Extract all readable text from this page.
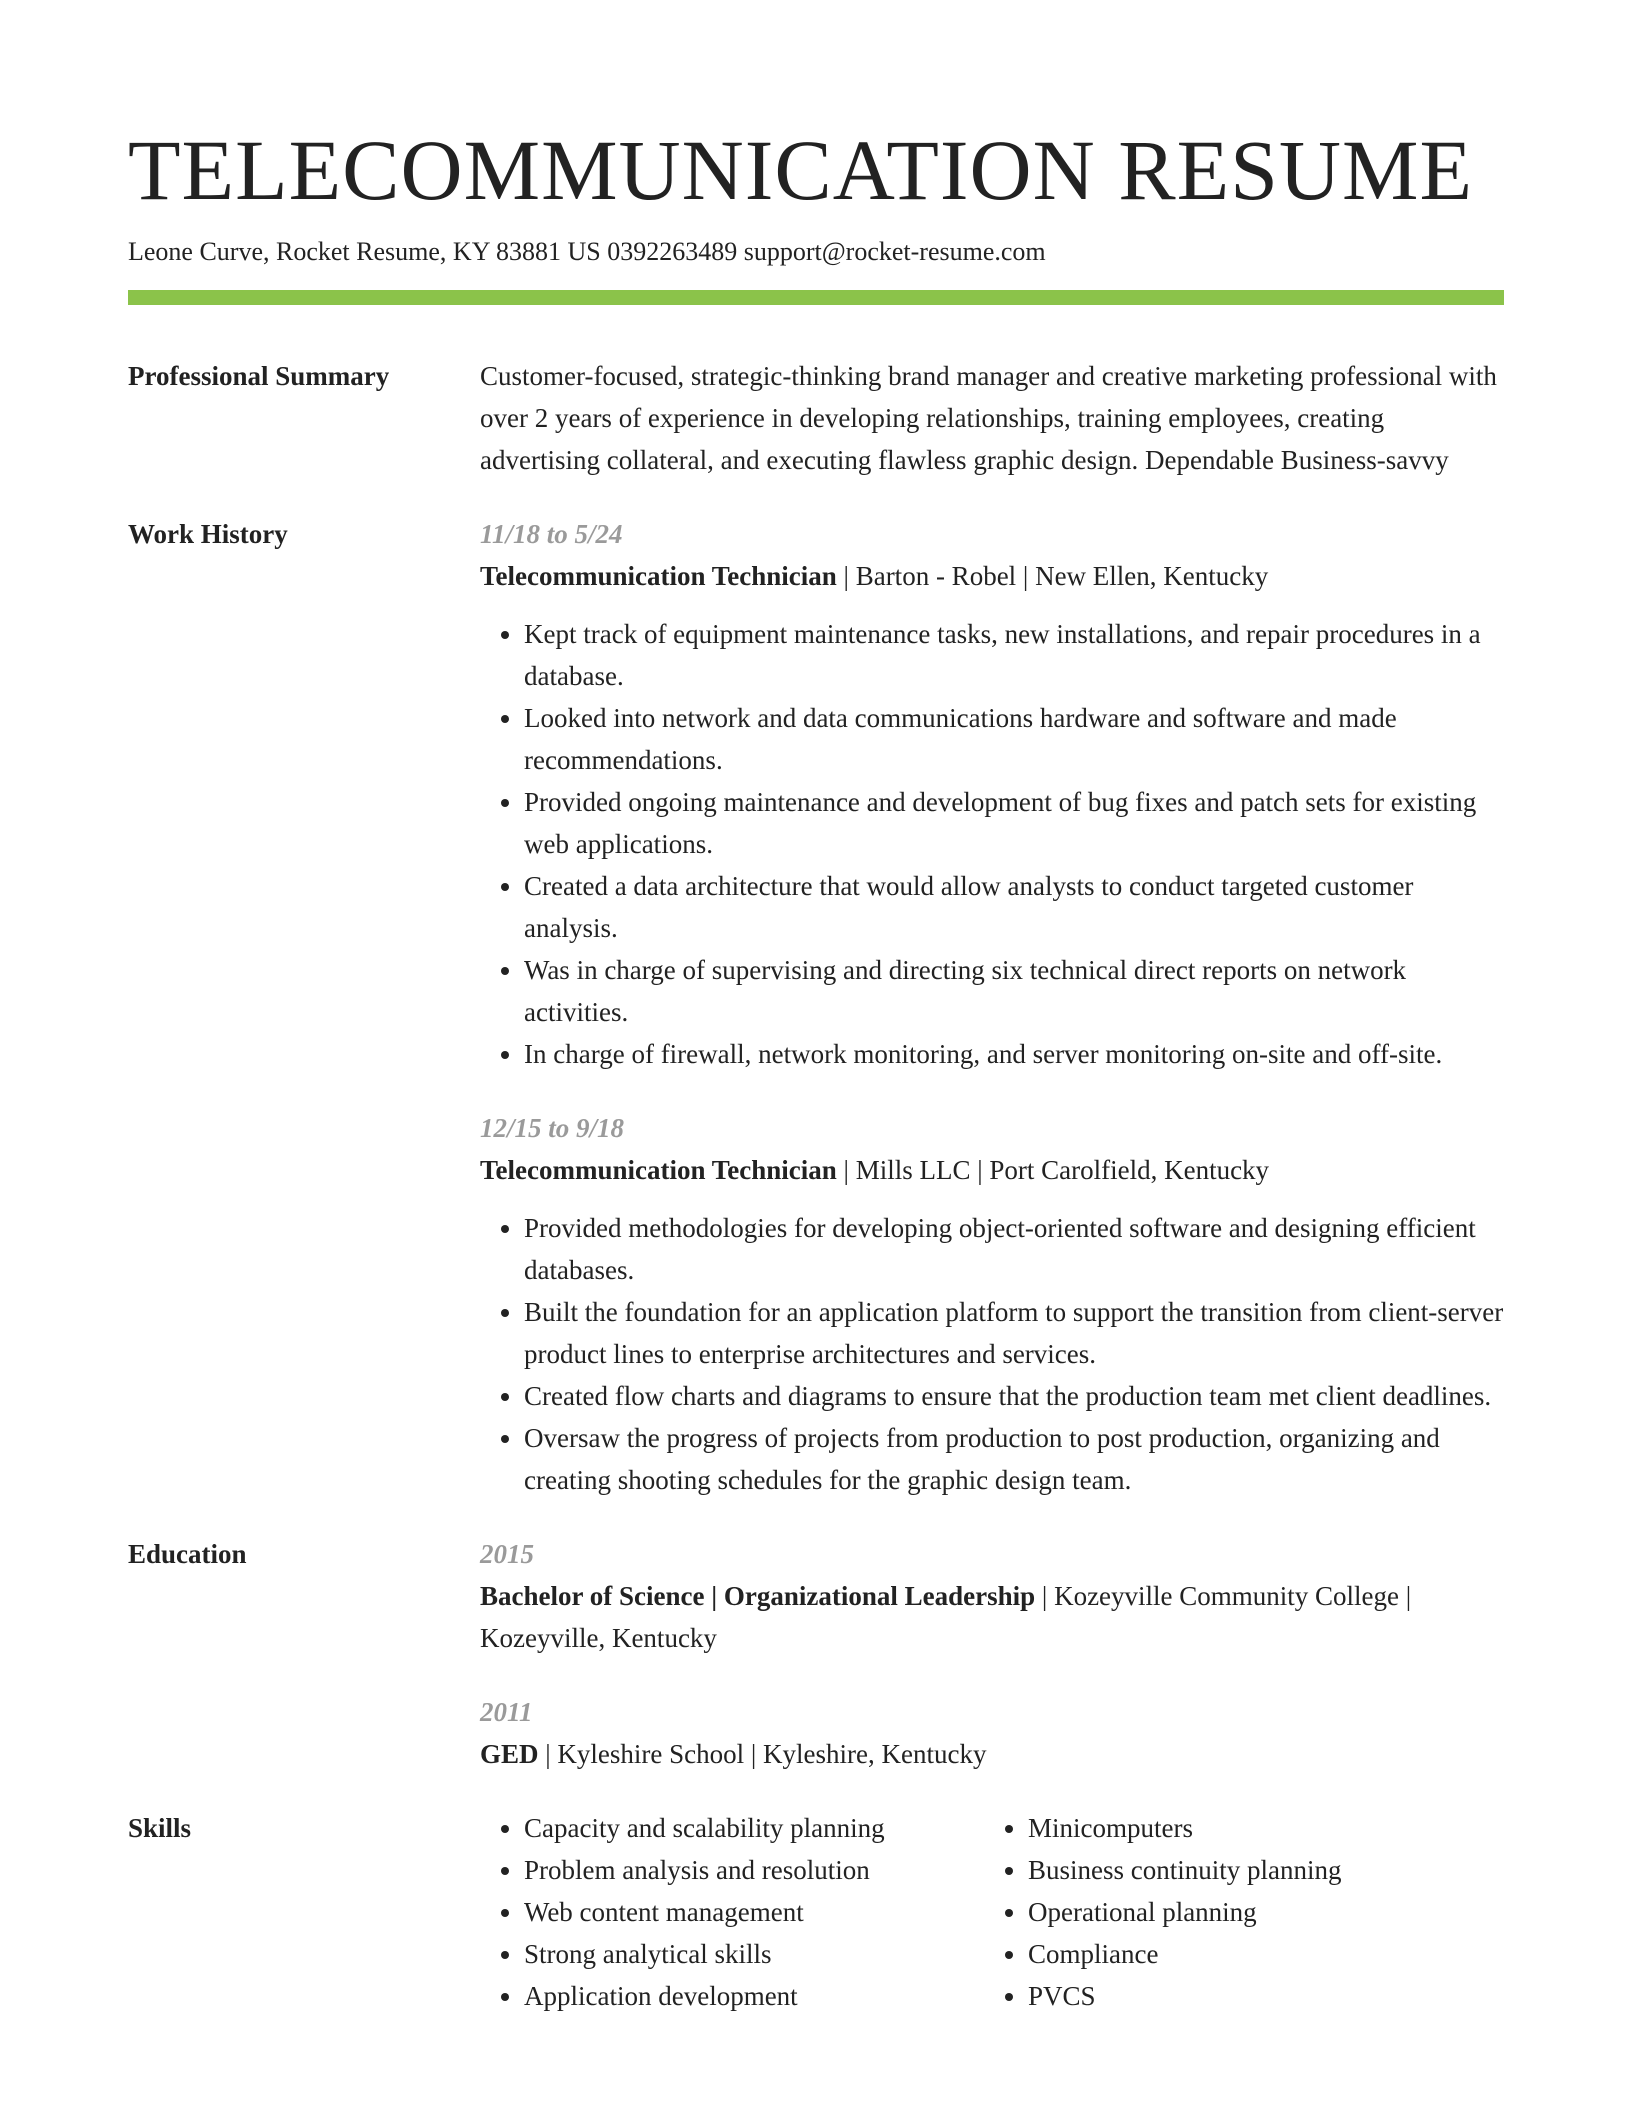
TELECOMMUNICATION RESUME
Leone Curve, Rocket Resume, KY 83881 US 0392263489 support@rocket-resume.com
Professional Summary	Customer-focused, strategic-thinking brand manager and creative marketing professional with over 2 years of experience in developing relationships, training employees, creating advertising collateral, and executing flawless graphic design. Dependable Business-savvy
Work History	11/18 to 5/24
Telecommunication Technician | Barton - Robel | New Ellen, Kentucky
• Kept track of equipment maintenance tasks, new installations, and repair procedures in a database.
• Looked into network and data communications hardware and software and made recommendations.
• Provided ongoing maintenance and development of bug fixes and patch sets for existing web applications.
• Created a data architecture that would allow analysts to conduct targeted customer analysis.
• Was in charge of supervising and directing six technical direct reports on network activities.
• In charge of firewall, network monitoring, and server monitoring on-site and off-site.
12/15 to 9/18
Telecommunication Technician | Mills LLC | Port Carolfield, Kentucky
• Provided methodologies for developing object-oriented software and designing efficient databases.
• Built the foundation for an application platform to support the transition from client-server product lines to enterprise architectures and services.
• Created flow charts and diagrams to ensure that the production team met client deadlines.
• Oversaw the progress of projects from production to post production, organizing and creating shooting schedules for the graphic design team.
Education	2015
Bachelor of Science | Organizational Leadership | Kozeyville Community College | Kozeyville, Kentucky
2011
GED | Kyleshire School | Kyleshire, Kentucky
Skills
•	Capacity and scalability planning
• Problem analysis and resolution
• Web content management
• Strong analytical skills
• Application development
• Minicomputers
• Business continuity planning
• Operational planning
• Compliance
• PVCS
